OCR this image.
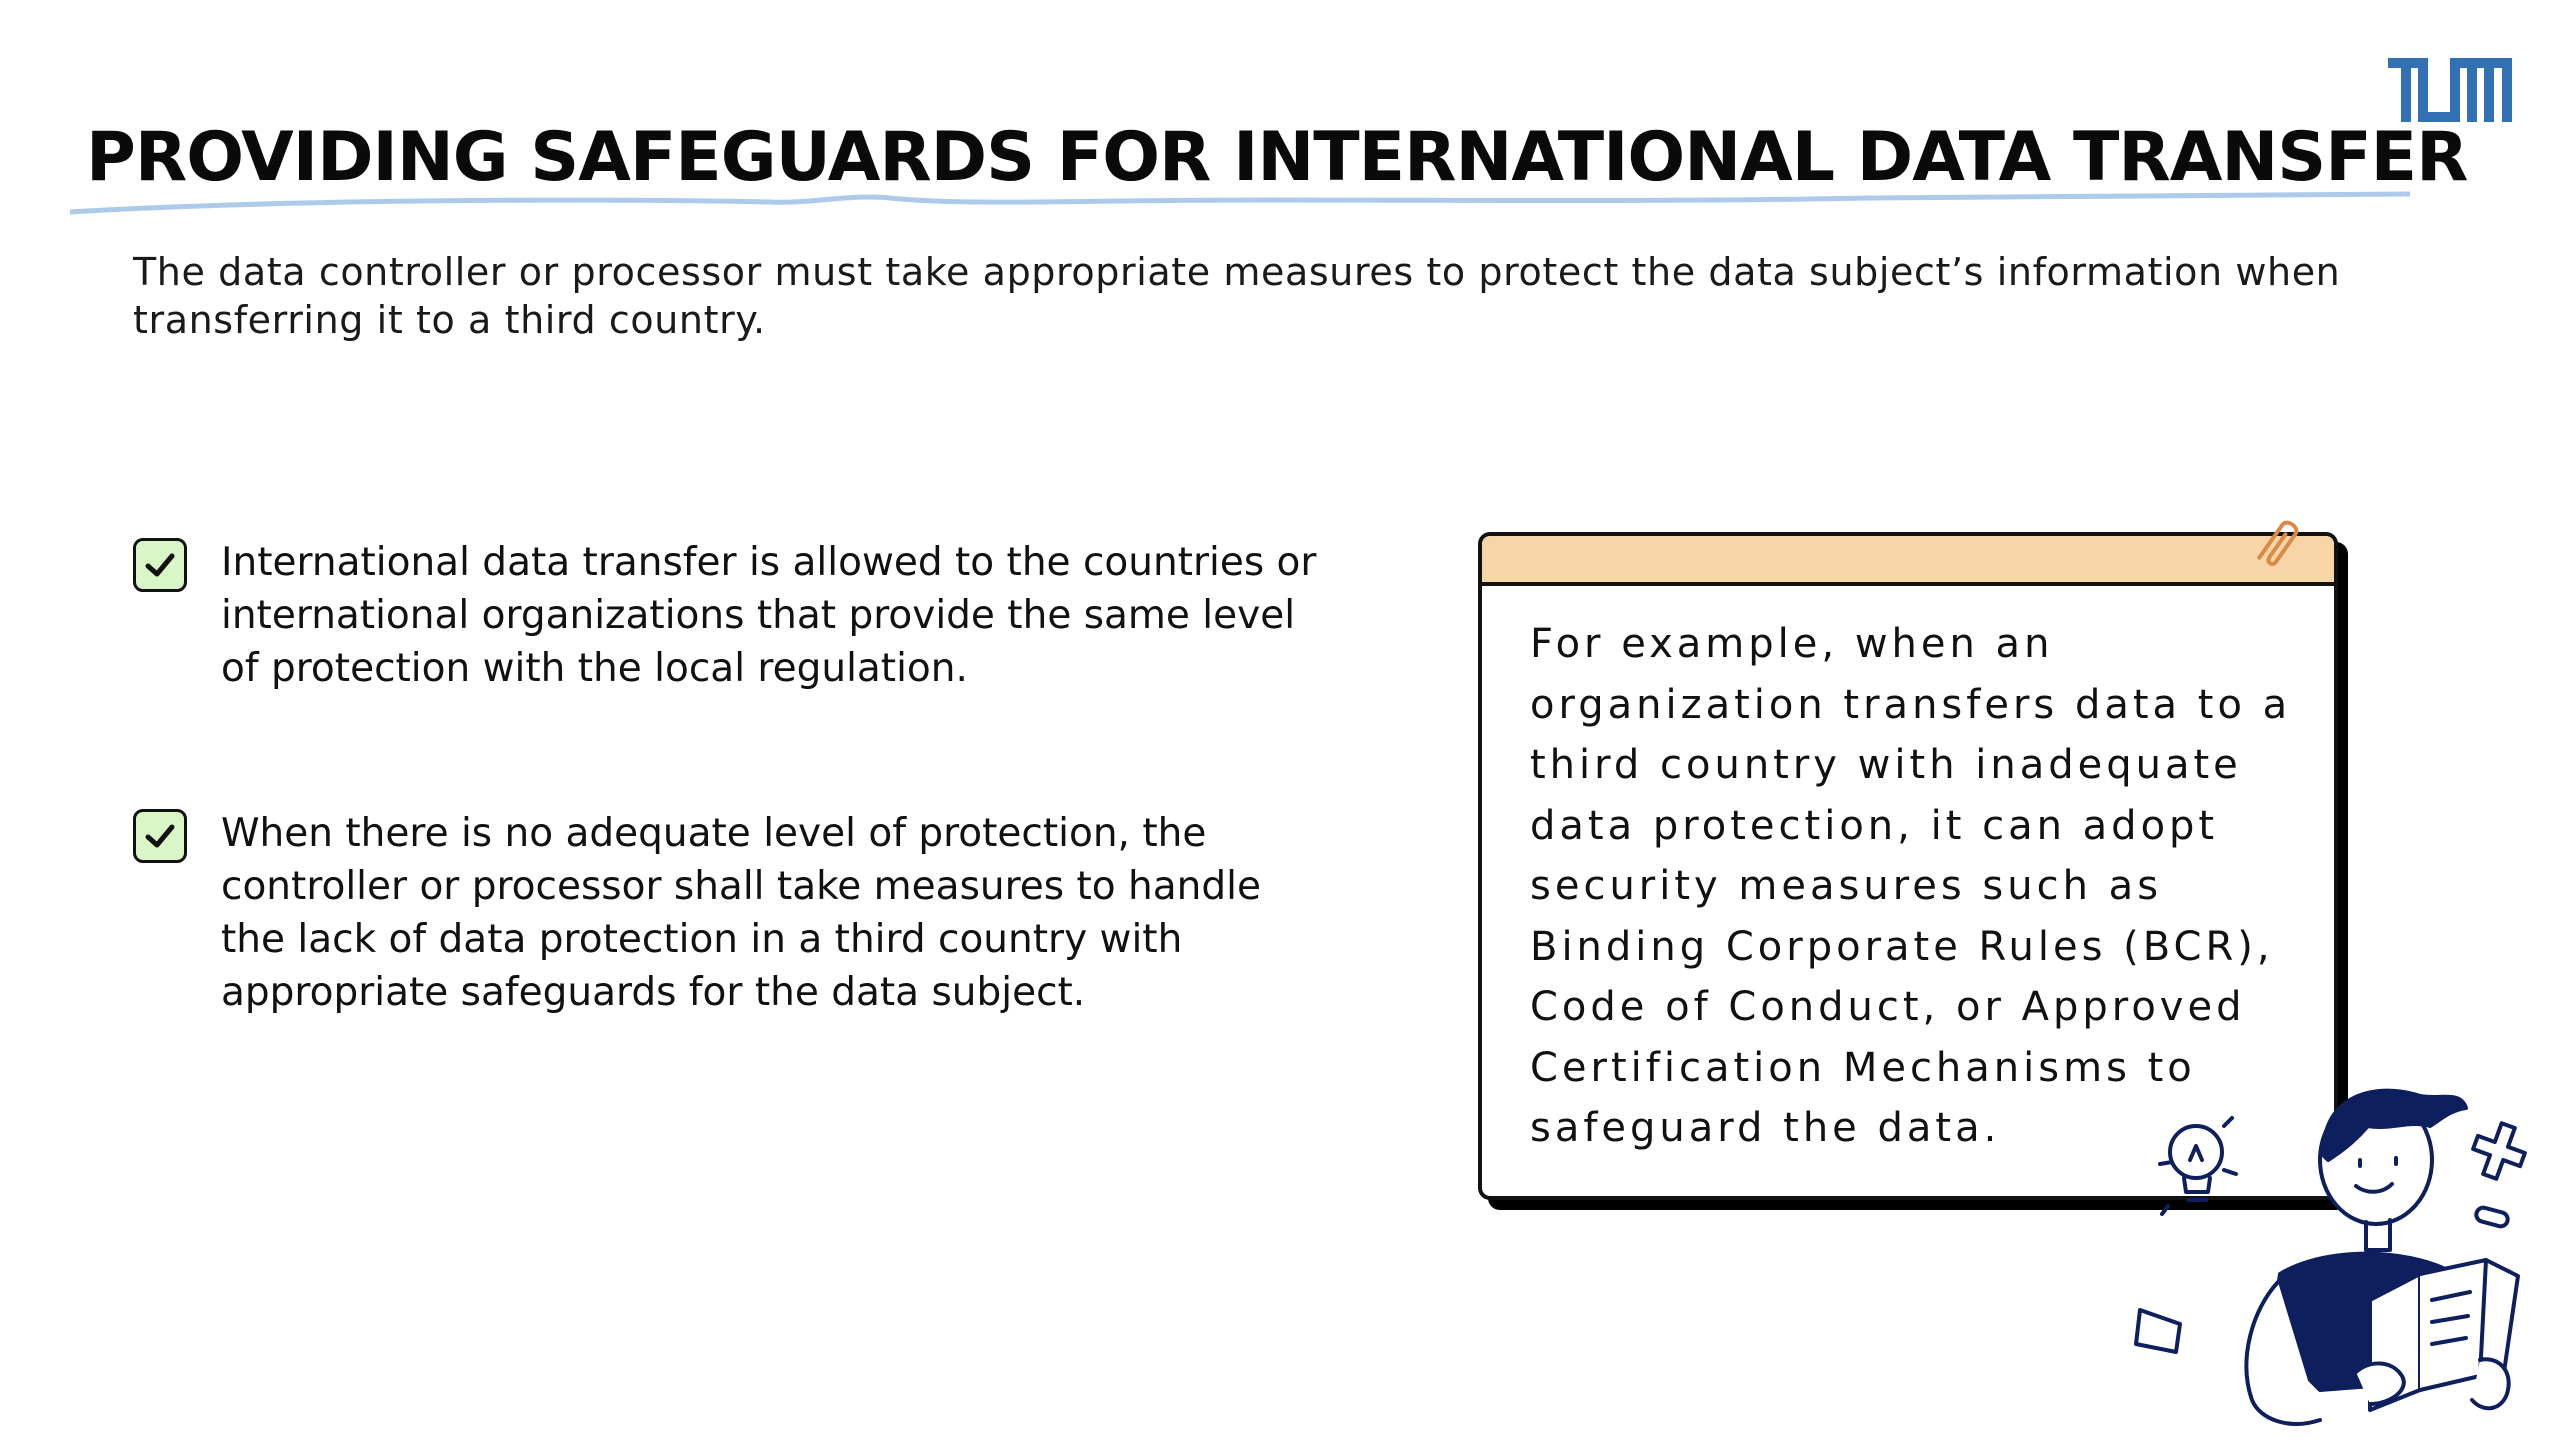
PROVIDING SAFEGUARDS FOR INTERNATIONAL DATA TRANSFER

The data controller or processor must take appropriate measures to protect the data subject’s information when transferring it to a third country.

International data transfer is allowed to the countries or international organizations that provide the same level of protection with the local regulation.

When there is no adequate level of protection, the controller or processor shall take measures to handle the lack of data protection in a third country with appropriate safeguards for the data subject.

For example, when an organization transfers data to a third country with inadequate data protection, it can adopt security measures such as Binding Corporate Rules (BCR), Code of Conduct, or Approved Certification Mechanisms to safeguard the data.
